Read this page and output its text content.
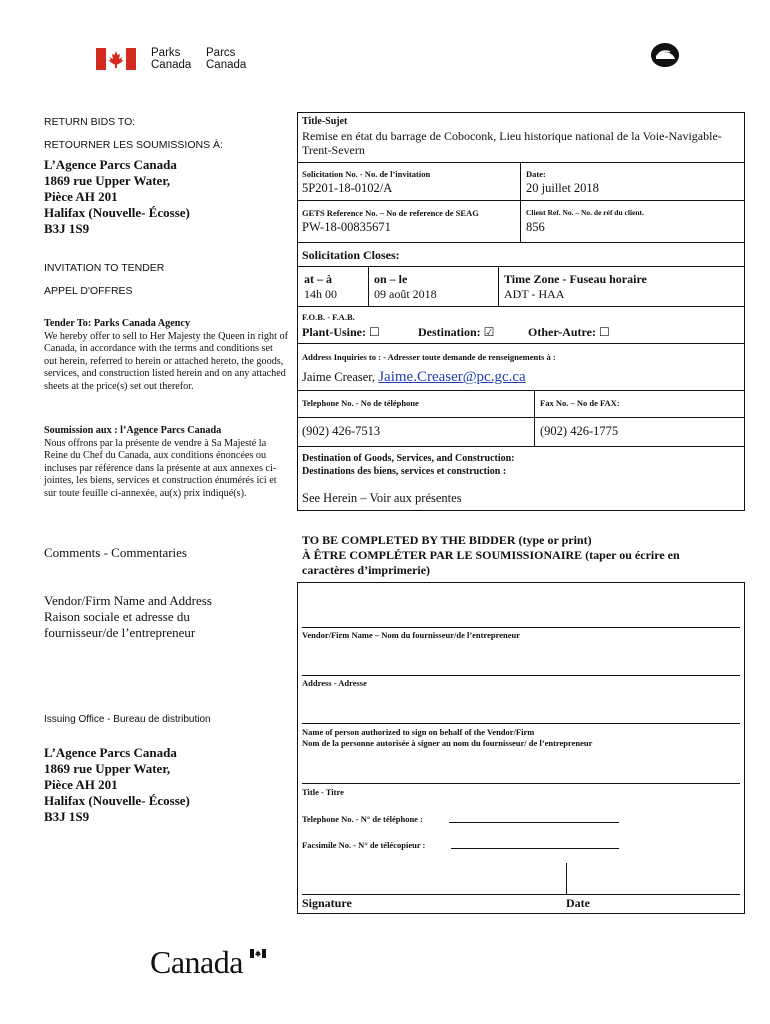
Parks
Canada
Parcs
Canada
RETURN BIDS TO:
RETOURNER LES SOUMISSIONS À:
L’Agence Parcs Canada
1869 rue Upper Water,
Pièce AH 201
Halifax (Nouvelle- Écosse)
B3J 1S9
INVITATION TO TENDER
APPEL D'OFFRES
Tender To: Parks Canada Agency
We hereby offer to sell to Her Majesty the Queen in right of Canada, in accordance with the terms and conditions set out herein, referred to herein or attached hereto, the goods, services, and construction listed herein and on any attached sheets at the price(s) set out therefor.
Soumission aux : l’Agence Parcs Canada
Nous offrons par la présente de vendre à Sa Majesté la Reine du Chef du Canada, aux conditions énoncées ou incluses par référence dans la présente at aux annexes ci-jointes, les biens, services et construction énumérés ici et sur toute feuille ci-annexée, au(x) prix indiqué(s).
Comments - Commentaries
Vendor/Firm Name and Address
Raison sociale et adresse du
fournisseur/de l’entrepreneur
Issuing Office - Bureau de distribution
L’Agence Parcs Canada
1869 rue Upper Water,
Pièce AH 201
Halifax (Nouvelle- Écosse)
B3J 1S9
Title-Sujet
Remise en état du barrage de Coboconk, Lieu historique national de la Voie-Navigable-Trent-Severn
Solicitation No. - No. de l’invitation
5P201-18-0102/A
Date:
20 juillet 2018
GETS Reference No. – No de reference de SEAG
PW-18-00835671
Client Ref. No. – No. de réf du client.
856
Solicitation Closes:
at – à
14h 00
on – le
09 août 2018
Time Zone - Fuseau horaire
ADT - HAA
F.O.B. - F.A.B.
Plant-Usine: ☐	Destination: ☑	Other-Autre: ☐
Address Inquiries to : - Adresser toute demande de renseignements à :
Jaime Creaser, Jaime.Creaser@pc.gc.ca
Telephone No. - No de téléphone	Fax No. – No de FAX:
(902) 426-7513	(902) 426-1775
Destination of Goods, Services, and Construction:
Destinations des biens, services et construction :
See Herein – Voir aux présentes
TO BE COMPLETED BY THE BIDDER (type or print)
À ÊTRE COMPLÉTER PAR LE SOUMISSIONAIRE (taper ou écrire en
caractères d’imprimerie)
Vendor/Firm Name – Nom du fournisseur/de l’entrepreneur
Address - Adresse
Name of person authorized to sign on behalf of the Vendor/Firm
Nom de la personne autorisée à signer au nom du fournisseur/ de l’entrepreneur
Title - Titre
Telephone No. - N° de téléphone :
Facsimile No. - N° de télécopieur :
Signature	Date
Canada
